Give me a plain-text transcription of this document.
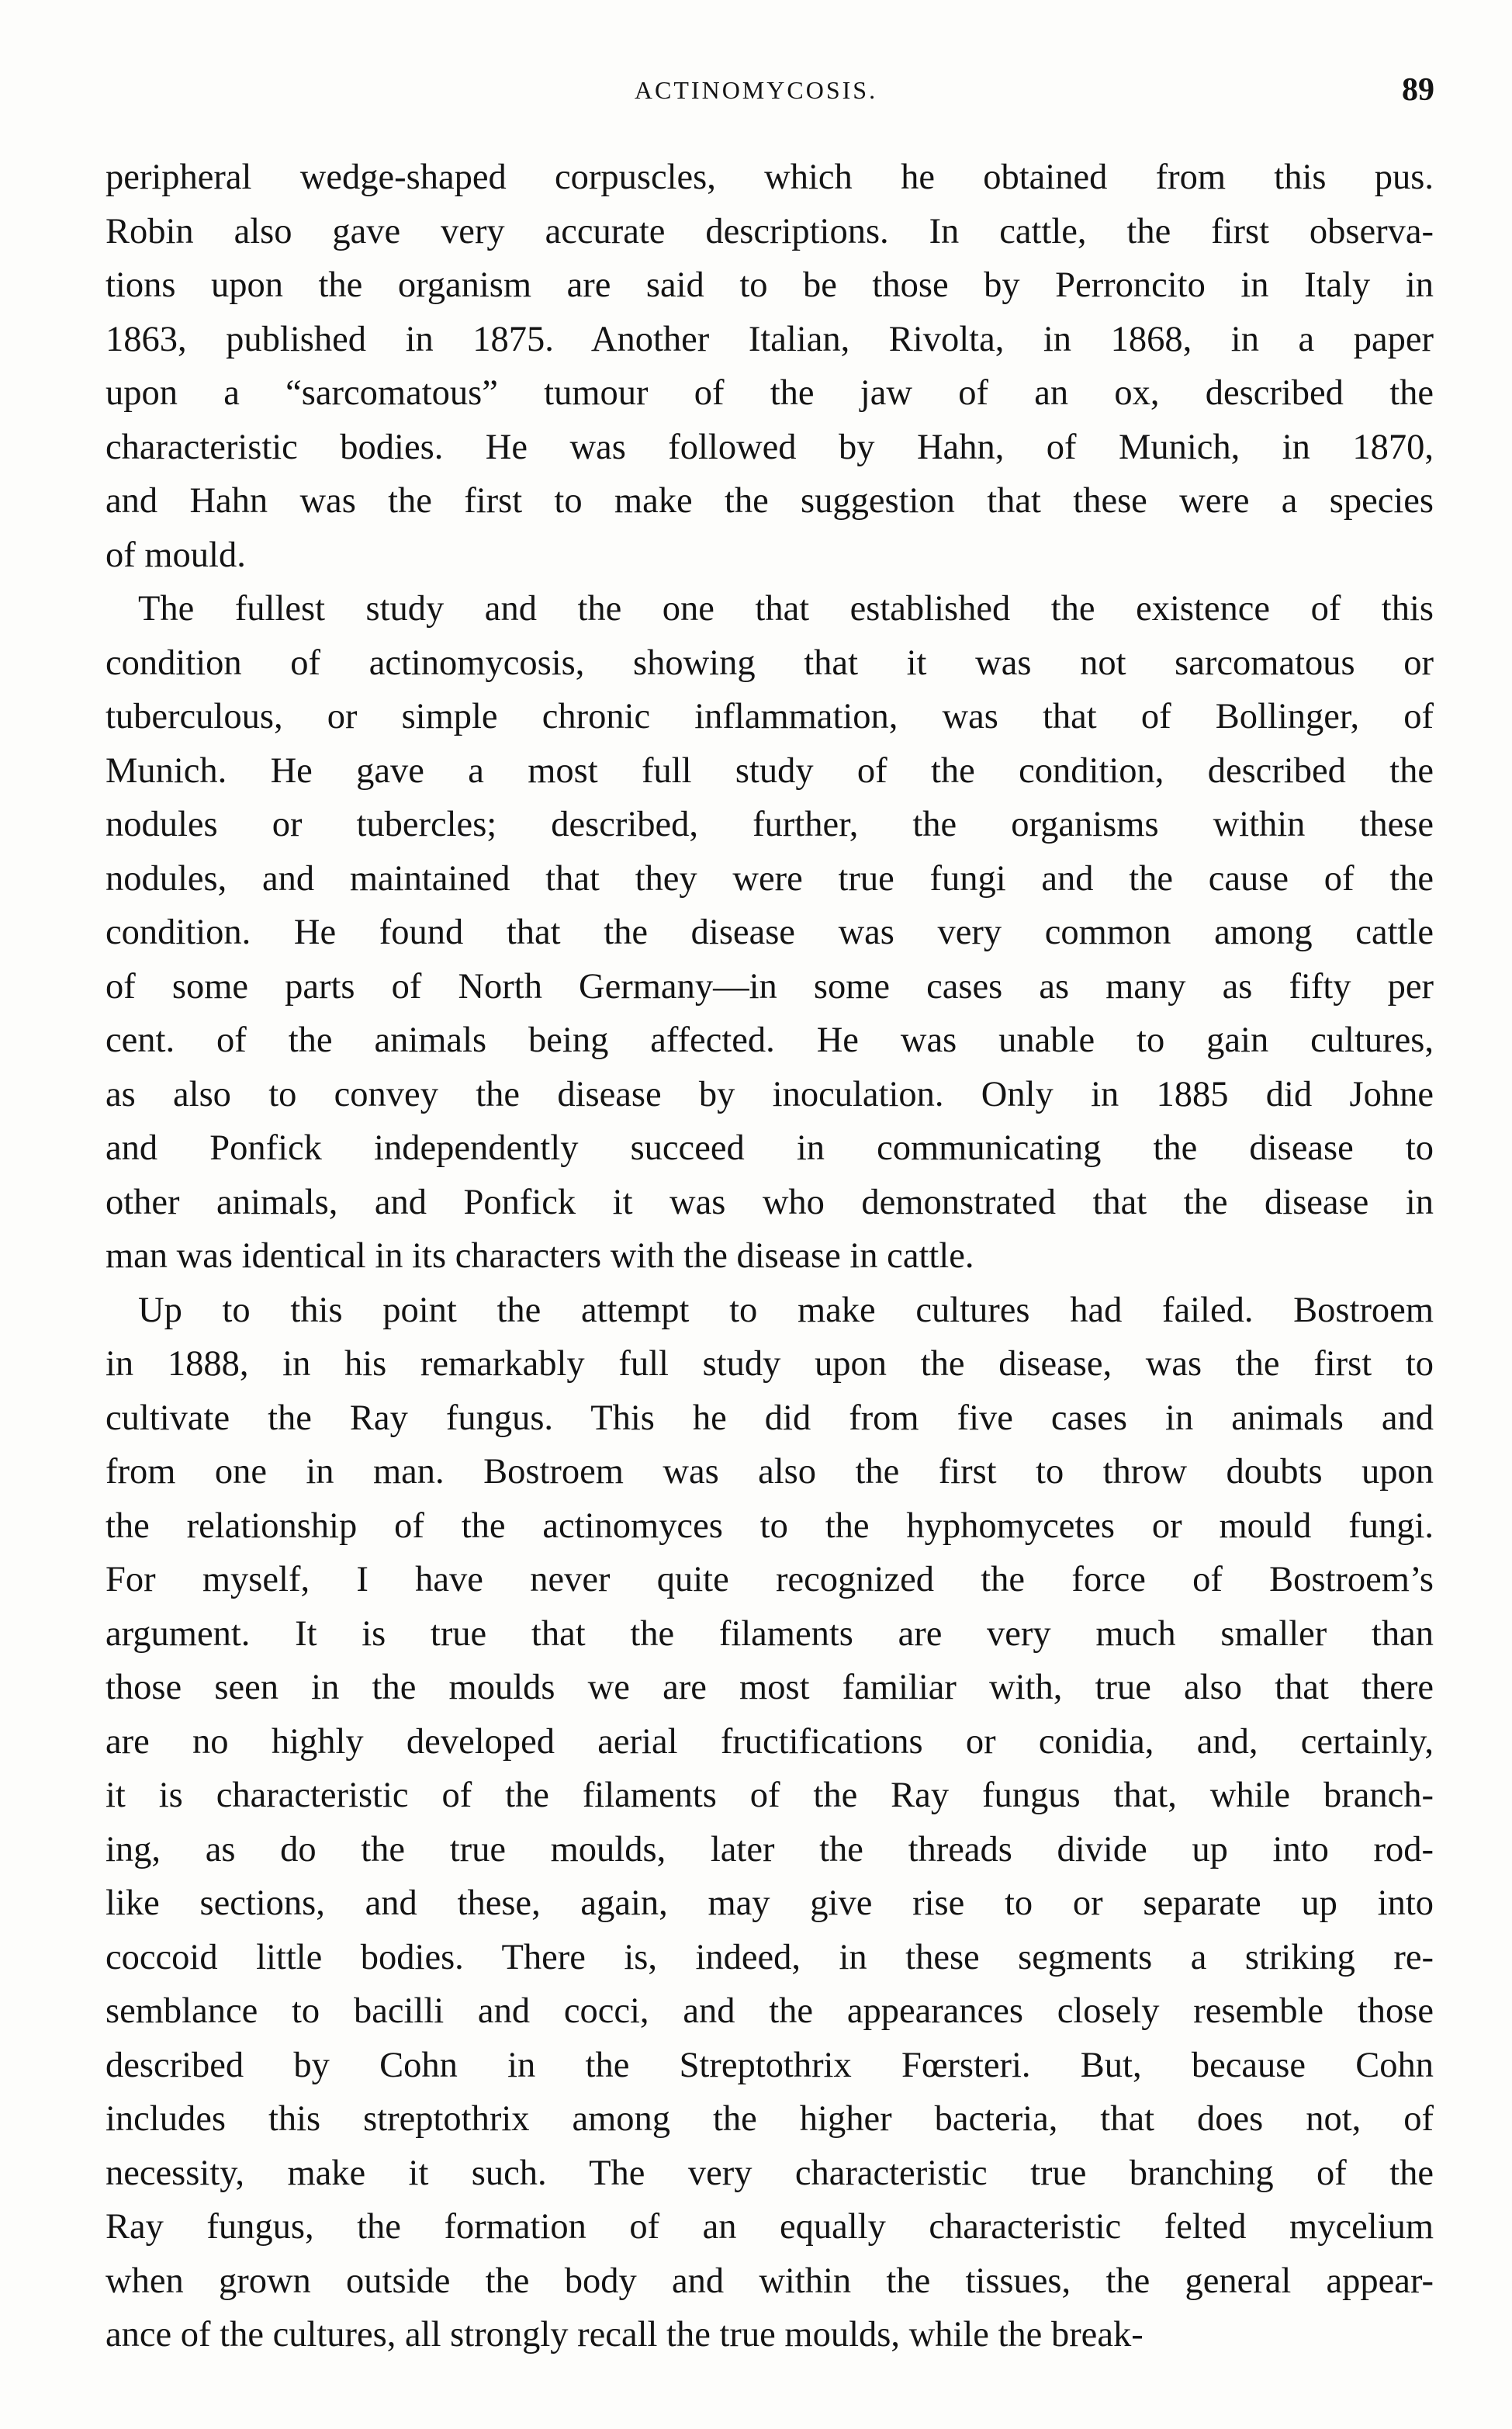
ACTINOMYCOSIS.	89
peripheral wedge-shaped corpuscles, which he obtained from this pus.
Robin also gave very accurate descriptions. In cattle, the first observa-
tions upon the organism are said to be those by Perroncito in Italy in
1863, published in 1875. Another Italian, Rivolta, in 1868, in a paper
upon a “sarcomatous” tumour of the jaw of an ox, described the
characteristic bodies. He was followed by Hahn, of Munich, in 1870,
and Hahn was the first to make the suggestion that these were a species
of mould.
The fullest study and the one that established the existence of this
condition of actinomycosis, showing that it was not sarcomatous or
tuberculous, or simple chronic inflammation, was that of Bollinger, of
Munich. He gave a most full study of the condition, described the
nodules or tubercles; described, further, the organisms within these
nodules, and maintained that they were true fungi and the cause of the
condition. He found that the disease was very common among cattle
of some parts of North Germany—in some cases as many as fifty per
cent. of the animals being affected. He was unable to gain cultures,
as also to convey the disease by inoculation. Only in 1885 did Johne
and Ponfick independently succeed in communicating the disease to
other animals, and Ponfick it was who demonstrated that the disease in
man was identical in its characters with the disease in cattle.
Up to this point the attempt to make cultures had failed. Bostroem
in 1888, in his remarkably full study upon the disease, was the first to
cultivate the Ray fungus. This he did from five cases in animals and
from one in man. Bostroem was also the first to throw doubts upon
the relationship of the actinomyces to the hyphomycetes or mould fungi.
For myself, I have never quite recognized the force of Bostroem’s
argument. It is true that the filaments are very much smaller than
those seen in the moulds we are most familiar with, true also that there
are no highly developed aerial fructifications or conidia, and, certainly,
it is characteristic of the filaments of the Ray fungus that, while branch-
ing, as do the true moulds, later the threads divide up into rod-
like sections, and these, again, may give rise to or separate up into
coccoid little bodies. There is, indeed, in these segments a striking re-
semblance to bacilli and cocci, and the appearances closely resemble those
described by Cohn in the Streptothrix Fœrsteri. But, because Cohn
includes this streptothrix among the higher bacteria, that does not, of
necessity, make it such. The very characteristic true branching of the
Ray fungus, the formation of an equally characteristic felted mycelium
when grown outside the body and within the tissues, the general appear-
ance of the cultures, all strongly recall the true moulds, while the break-
